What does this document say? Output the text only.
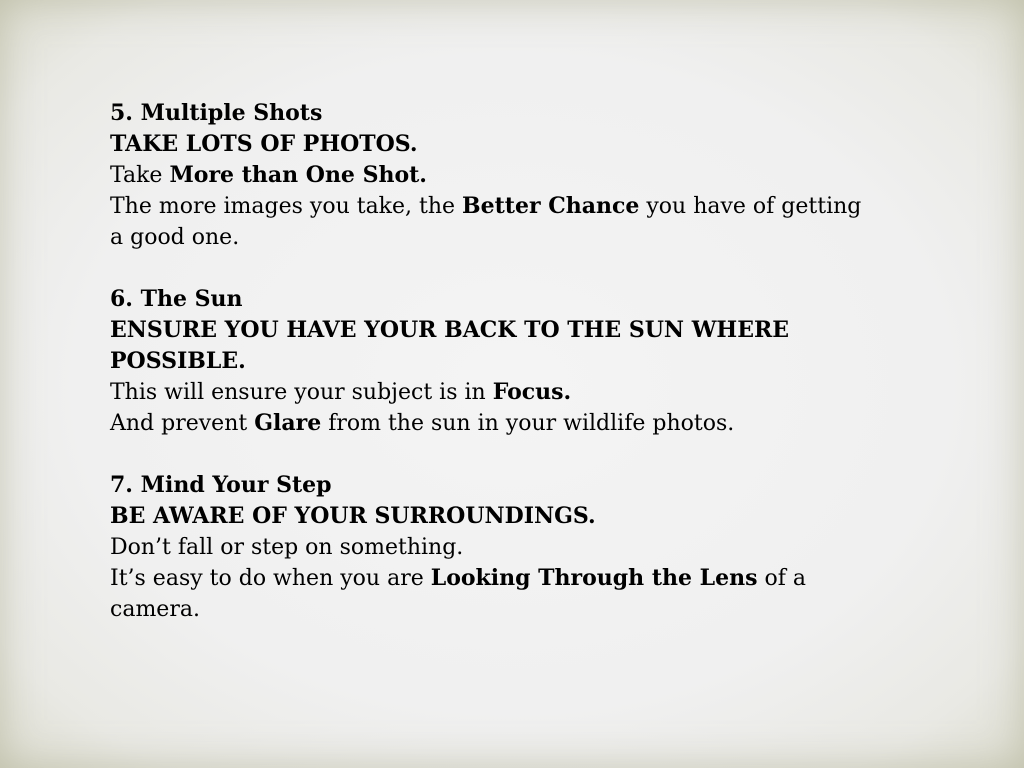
5. Multiple Shots

TAKE LOTS OF PHOTOS.

Take More than One Shot.

The more images you take, the Better Chance you have of getting a good one.

6. The Sun

ENSURE YOU HAVE YOUR BACK TO THE SUN WHERE POSSIBLE.

This will ensure your subject is in Focus.

And prevent Glare from the sun in your wildlife photos.

7. Mind Your Step

BE AWARE OF YOUR SURROUNDINGS.

Don’t fall or step on something.

It’s easy to do when you are Looking Through the Lens of a camera.
